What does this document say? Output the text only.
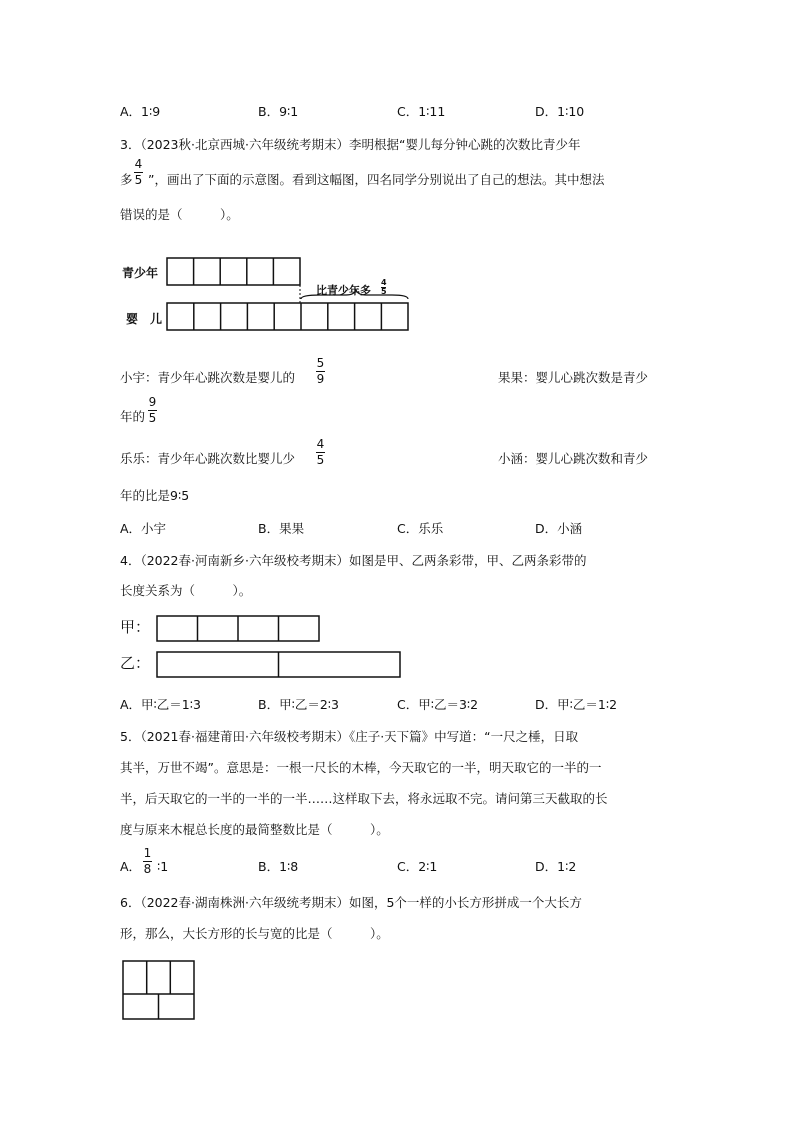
A．1∶9	B．9∶1	C．1∶11	D．1∶10
3．（2023秋·北京西城·六年级统考期末）李明根据“婴儿每分钟心跳的次数比青少年
多
4
5 ”，画出了下面的示意图。看到这幅图，四名同学分别说出了自己的想法。其中想法
错误的是（　　　）。
青少年
婴　儿
比青少年多
4
5
小宇：青少年心跳次数是婴儿的
5
9	果果：婴儿心跳次数是青少
年的
9
5
乐乐：青少年心跳次数比婴儿少
4
5	小涵：婴儿心跳次数和青少
年的比是9∶5
A．小宇	B．果果	C．乐乐	D．小涵
4．（2022春·河南新乡·六年级校考期末）如图是甲、乙两条彩带，甲、乙两条彩带的
长度关系为（　　　）。
甲：
乙：
A．甲∶乙＝1∶3	B．甲∶乙＝2∶3	C．甲∶乙＝3∶2	D．甲∶乙＝1∶2
5．（2021春·福建莆田·六年级校考期末）《庄子·天下篇》中写道：“一尺之棰，日取
其半，万世不竭”。意思是：一根一尺长的木棒，今天取它的一半，明天取它的一半的一
半，后天取它的一半的一半的一半……这样取下去，将永远取不完。请问第三天截取的长
度与原来木棍总长度的最简整数比是（　　　）。
A．
1
8 ∶1	B．1∶8	C．2∶1	D．1∶2
6．（2022春·湖南株洲·六年级统考期末）如图，5个一样的小长方形拼成一个大长方
形，那么，大长方形的长与宽的比是（　　　）。
